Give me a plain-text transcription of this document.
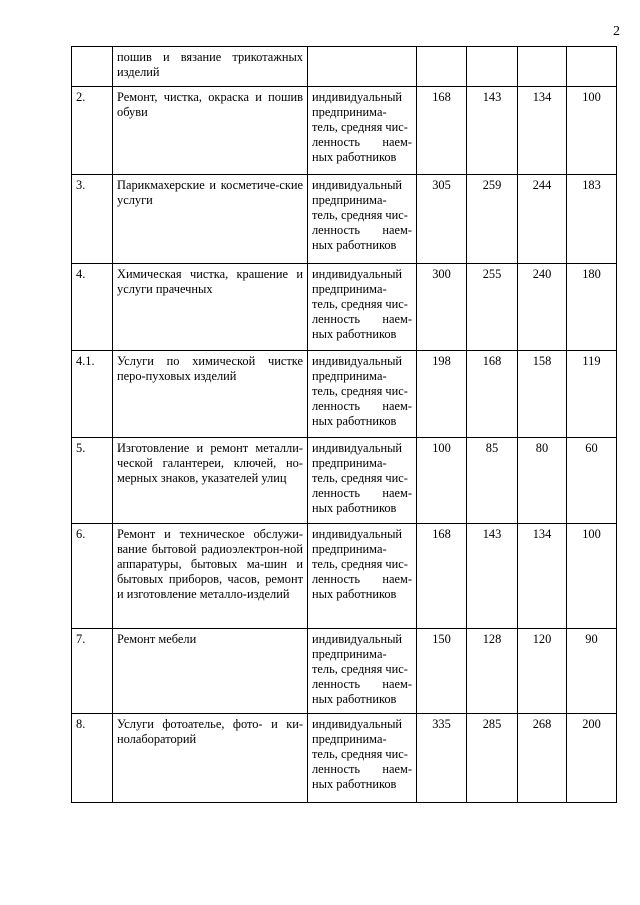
2
	пошив и вязание трикотажных изделий					
2.	Ремонт, чистка, окраска и пошив обуви	индивидуальный
предпринима-
тель, средняя чис-
ленность наем-
ных работников	168	143	134	100
3.	Парикмахерские и косметиче-ские услуги	индивидуальный
предпринима-
тель, средняя чис-
ленность наем-
ных работников	305	259	244	183
4.	Химическая чистка, крашение и услуги прачечных	индивидуальный
предпринима-
тель, средняя чис-
ленность наем-
ных работников	300	255	240	180
4.1.	Услуги по химической чистке перо-пуховых изделий	индивидуальный
предпринима-
тель, средняя чис-
ленность наем-
ных работников	198	168	158	119
5.	Изготовление и ремонт металли-ческой галантереи, ключей, но-мерных знаков, указателей улиц	индивидуальный
предпринима-
тель, средняя чис-
ленность наем-
ных работников	100	85	80	60
6.	Ремонт и техническое обслужи-вание бытовой радиоэлектрон-ной аппаратуры, бытовых ма-шин и бытовых приборов, часов, ремонт и изготовление металло-изделий	индивидуальный
предпринима-
тель, средняя чис-
ленность наем-
ных работников	168	143	134	100
7.	Ремонт мебели	индивидуальный
предпринима-
тель, средняя чис-
ленность наем-
ных работников	150	128	120	90
8.	Услуги фотоателье, фото- и ки-нолабораторий	индивидуальный
предпринима-
тель, средняя чис-
ленность наем-
ных работников	335	285	268	200
